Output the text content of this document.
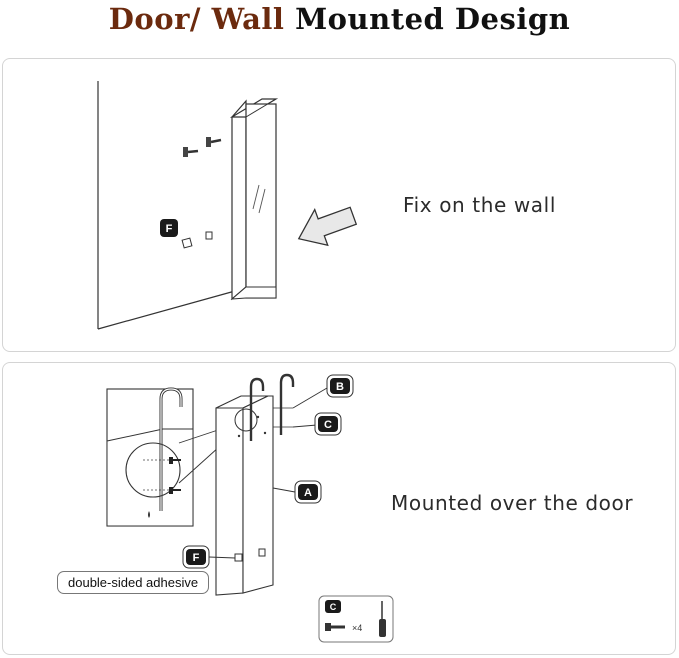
Door/ Wall Mounted Design
F
Fix on the wall
B
C
A
F
C
×4
double-sided adhesive
Mounted over the door
